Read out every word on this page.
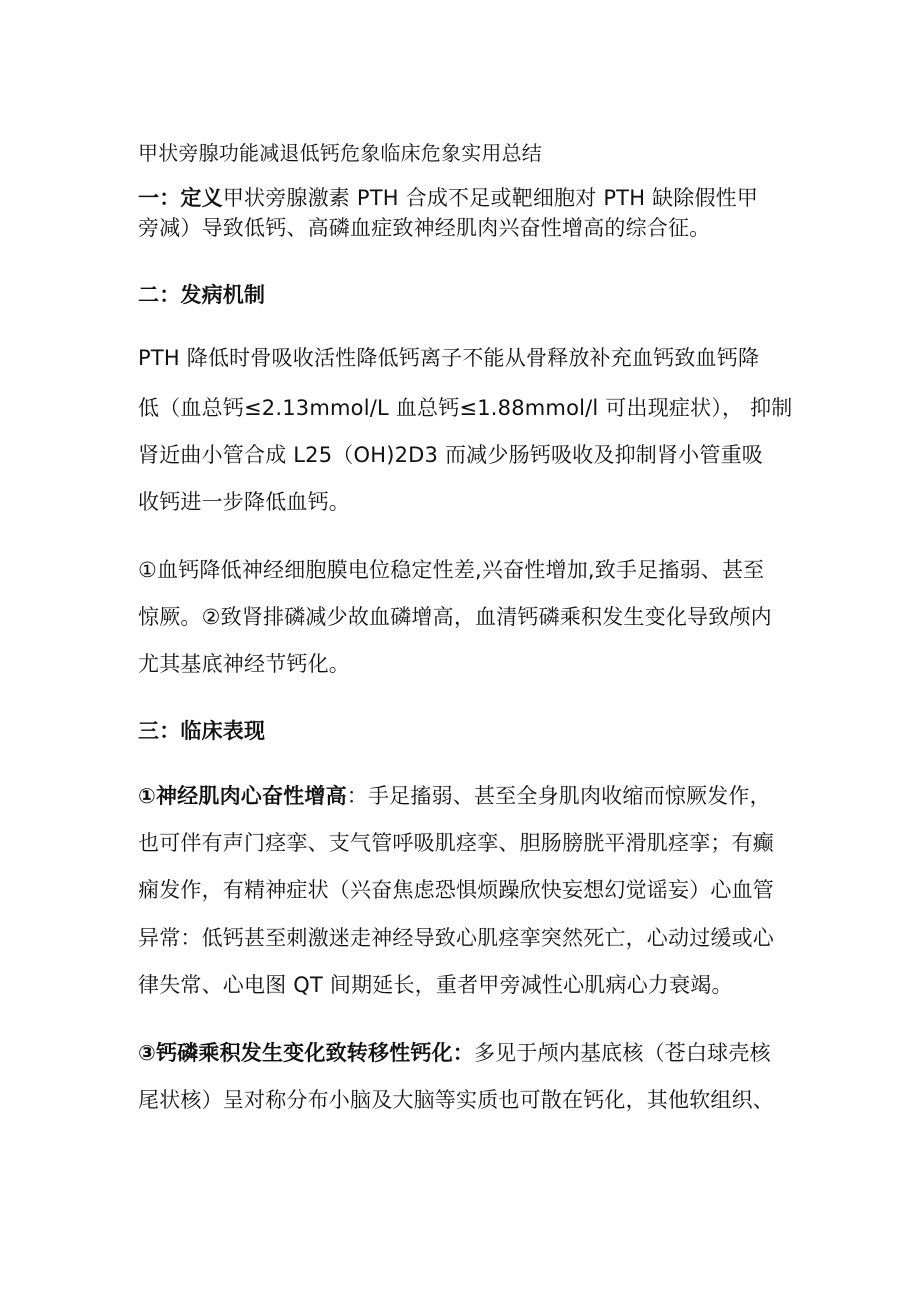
甲状旁腺功能减退低钙危象临床危象实用总结
一：定义甲状旁腺激素 PTH 合成不足或靶细胞对 PTH 缺除假性甲
旁减）导致低钙、高磷血症致神经肌肉兴奋性增高的综合征。
二：发病机制
PTH 降低时骨吸收活性降低钙离子不能从骨释放补充血钙致血钙降
低（血总钙≤2.13mmol/L 血总钙≤1.88mmol/l 可出现症状）， 抑制
肾近曲小管合成 L25（OH)2D3 而减少肠钙吸收及抑制肾小管重吸
收钙进一步降低血钙。
①血钙降低神经细胞膜电位稳定性差,兴奋性增加,致手足搐弱、甚至
惊厥。②致肾排磷减少故血磷增高，血清钙磷乘积发生变化导致颅内
尤其基底神经节钙化。
三：临床表现
①神经肌肉心奋性增高：手足搐弱、甚至全身肌肉收缩而惊厥发作，
也可伴有声门痉挛、支气管呼吸肌痉挛、胆肠膀胱平滑肌痉挛；有癫
痫发作，有精神症状（兴奋焦虑恐惧烦躁欣快妄想幻觉谣妄）心血管
异常：低钙甚至刺激迷走神经导致心肌痉挛突然死亡，心动过缓或心
律失常、心电图 QT 间期延长，重者甲旁减性心肌病心力衰竭。
③钙磷乘积发生变化致转移性钙化：多见于颅内基底核（苍白球壳核
尾状核）呈对称分布小脑及大脑等实质也可散在钙化，其他软组织、
